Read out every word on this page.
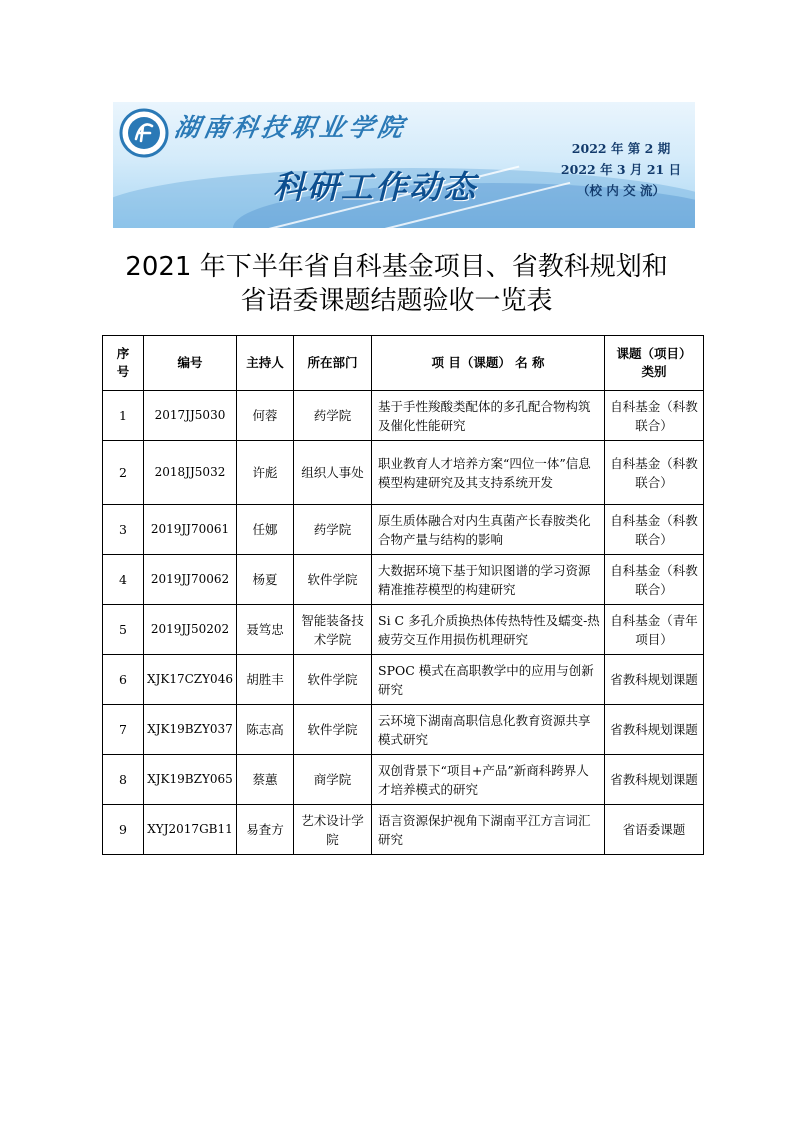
湖南科技职业学院
科研工作动态
2022 年 第 2 期
2022 年 3 月 21 日
（校 内 交 流）
2021 年下半年省自科基金项目、省教科规划和
省语委课题结题验收一览表
序号	编号	主持人	所在部门	项 目（课题） 名 称	课题（项目）类别
1	2017JJ5030	何蓉	药学院	基于手性羧酸类配体的多孔配合物构筑及催化性能研究	自科基金（科教联合）
2	2018JJ5032	许彪	组织人事处	职业教育人才培养方案“四位一体”信息模型构建研究及其支持系统开发	自科基金（科教联合）
3	2019JJ70061	任娜	药学院	原生质体融合对内生真菌产长春胺类化合物产量与结构的影响	自科基金（科教联合）
4	2019JJ70062	杨夏	软件学院	大数据环境下基于知识图谱的学习资源精准推荐模型的构建研究	自科基金（科教联合）
5	2019JJ50202	聂笃忠	智能装备技术学院	Si C 多孔介质换热体传热特性及蠕变-热疲劳交互作用损伤机理研究	自科基金（青年项目）
6	XJK17CZY046	胡胜丰	软件学院	SPOC 模式在高职教学中的应用与创新研究	省教科规划课题
7	XJK19BZY037	陈志高	软件学院	云环境下湖南高职信息化教育资源共享模式研究	省教科规划课题
8	XJK19BZY065	蔡蕙	商学院	双创背景下“项目+产品”新商科跨界人才培养模式的研究	省教科规划课题
9	XYJ2017GB11	易査方	艺术设计学院	语言资源保护视角下湖南平江方言词汇研究	省语委课题
